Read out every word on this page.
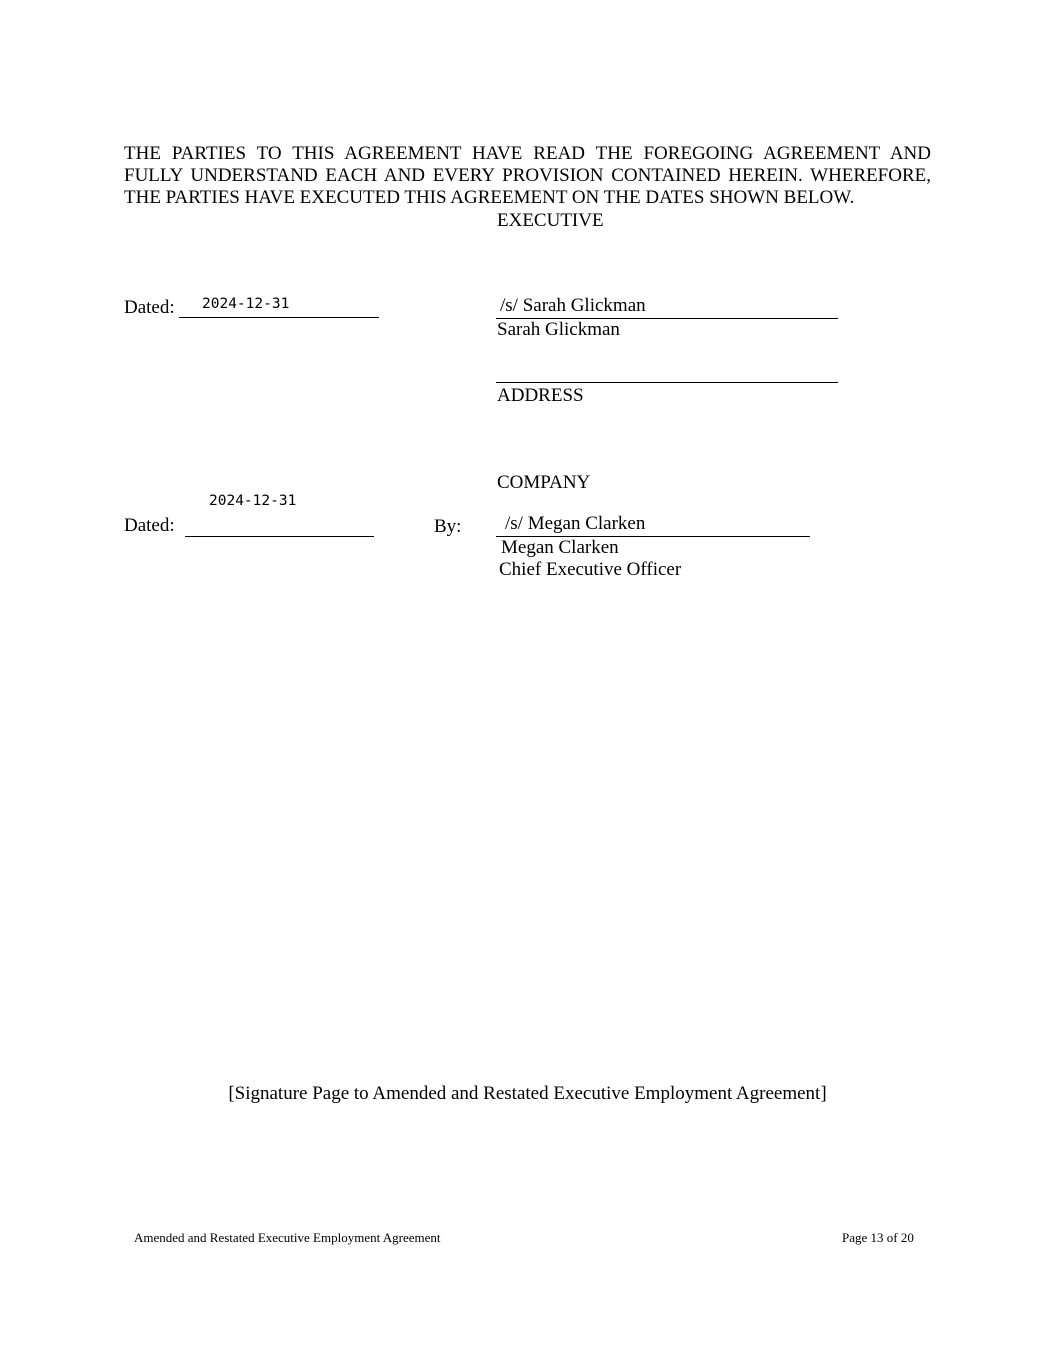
THE PARTIES TO THIS AGREEMENT HAVE READ THE FOREGOING AGREEMENT AND FULLY UNDERSTAND EACH AND EVERY PROVISION CONTAINED HEREIN. WHEREFORE, THE PARTIES HAVE EXECUTED THIS AGREEMENT ON THE DATES SHOWN BELOW.

EXECUTIVE
Dated: 2024-12-31	/s/ Sarah Glickman
Sarah Glickman
ADDRESS
COMPANY
2024-12-31
Dated:	By: /s/ Megan Clarken
Megan Clarken
Chief Executive Officer
[Signature Page to Amended and Restated Executive Employment Agreement]
Amended and Restated Executive Employment Agreement	Page 13 of 20
